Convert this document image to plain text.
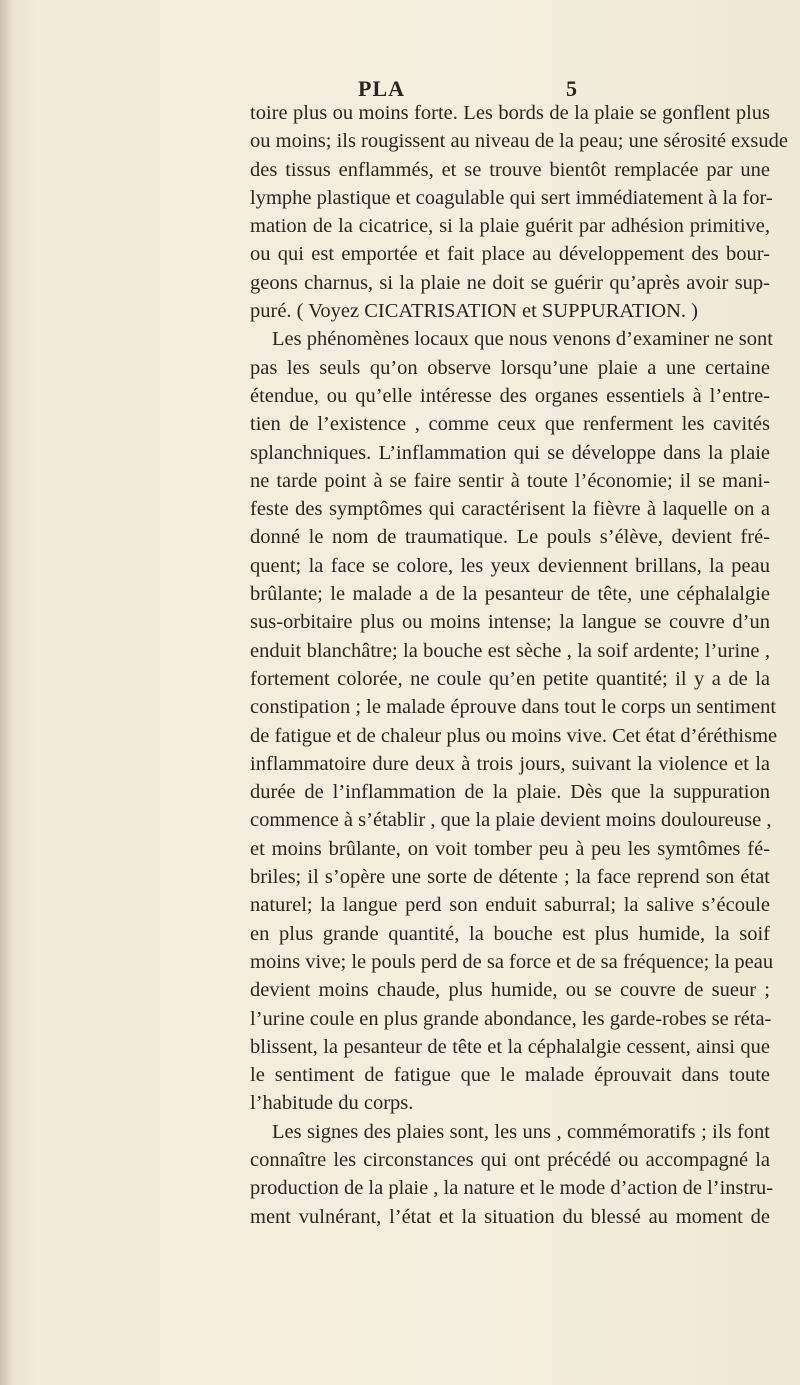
PLA	5
toire plus ou moins forte. Les bords de la plaie se gonflent plus
ou moins; ils rougissent au niveau de la peau; une sérosité exsude
des tissus enflammés, et se trouve bientôt remplacée par une
lymphe plastique et coagulable qui sert immédiatement à la for-
mation de la cicatrice, si la plaie guérit par adhésion primitive,
ou qui est emportée et fait place au développement des bour-
geons charnus, si la plaie ne doit se guérir qu’après avoir sup-
puré. ( Voyez CICATRISATION et SUPPURATION. )
Les phénomènes locaux que nous venons d’examiner ne sont
pas les seuls qu’on observe lorsqu’une plaie a une certaine
étendue, ou qu’elle intéresse des organes essentiels à l’entre-
tien de l’existence , comme ceux que renferment les cavités
splanchniques. L’inflammation qui se développe dans la plaie
ne tarde point à se faire sentir à toute l’économie; il se mani-
feste des symptômes qui caractérisent la fièvre à laquelle on a
donné le nom de traumatique. Le pouls s’élève, devient fré-
quent; la face se colore, les yeux deviennent brillans, la peau
brûlante; le malade a de la pesanteur de tête, une céphalalgie
sus-orbitaire plus ou moins intense; la langue se couvre d’un
enduit blanchâtre; la bouche est sèche , la soif ardente; l’urine ,
fortement colorée, ne coule qu’en petite quantité; il y a de la
constipation ; le malade éprouve dans tout le corps un sentiment
de fatigue et de chaleur plus ou moins vive. Cet état d’éréthisme
inflammatoire dure deux à trois jours, suivant la violence et la
durée de l’inflammation de la plaie. Dès que la suppuration
commence à s’établir , que la plaie devient moins douloureuse ,
et moins brûlante, on voit tomber peu à peu les symtômes fé-
briles; il s’opère une sorte de détente ; la face reprend son état
naturel; la langue perd son enduit saburral; la salive s’écoule
en plus grande quantité, la bouche est plus humide, la soif
moins vive; le pouls perd de sa force et de sa fréquence; la peau
devient moins chaude, plus humide, ou se couvre de sueur ;
l’urine coule en plus grande abondance, les garde-robes se réta-
blissent, la pesanteur de tête et la céphalalgie cessent, ainsi que
le sentiment de fatigue que le malade éprouvait dans toute
l’habitude du corps.
Les signes des plaies sont, les uns , commémoratifs ; ils font
connaître les circonstances qui ont précédé ou accompagné la
production de la plaie , la nature et le mode d’action de l’instru-
ment vulnérant, l’état et la situation du blessé au moment de
